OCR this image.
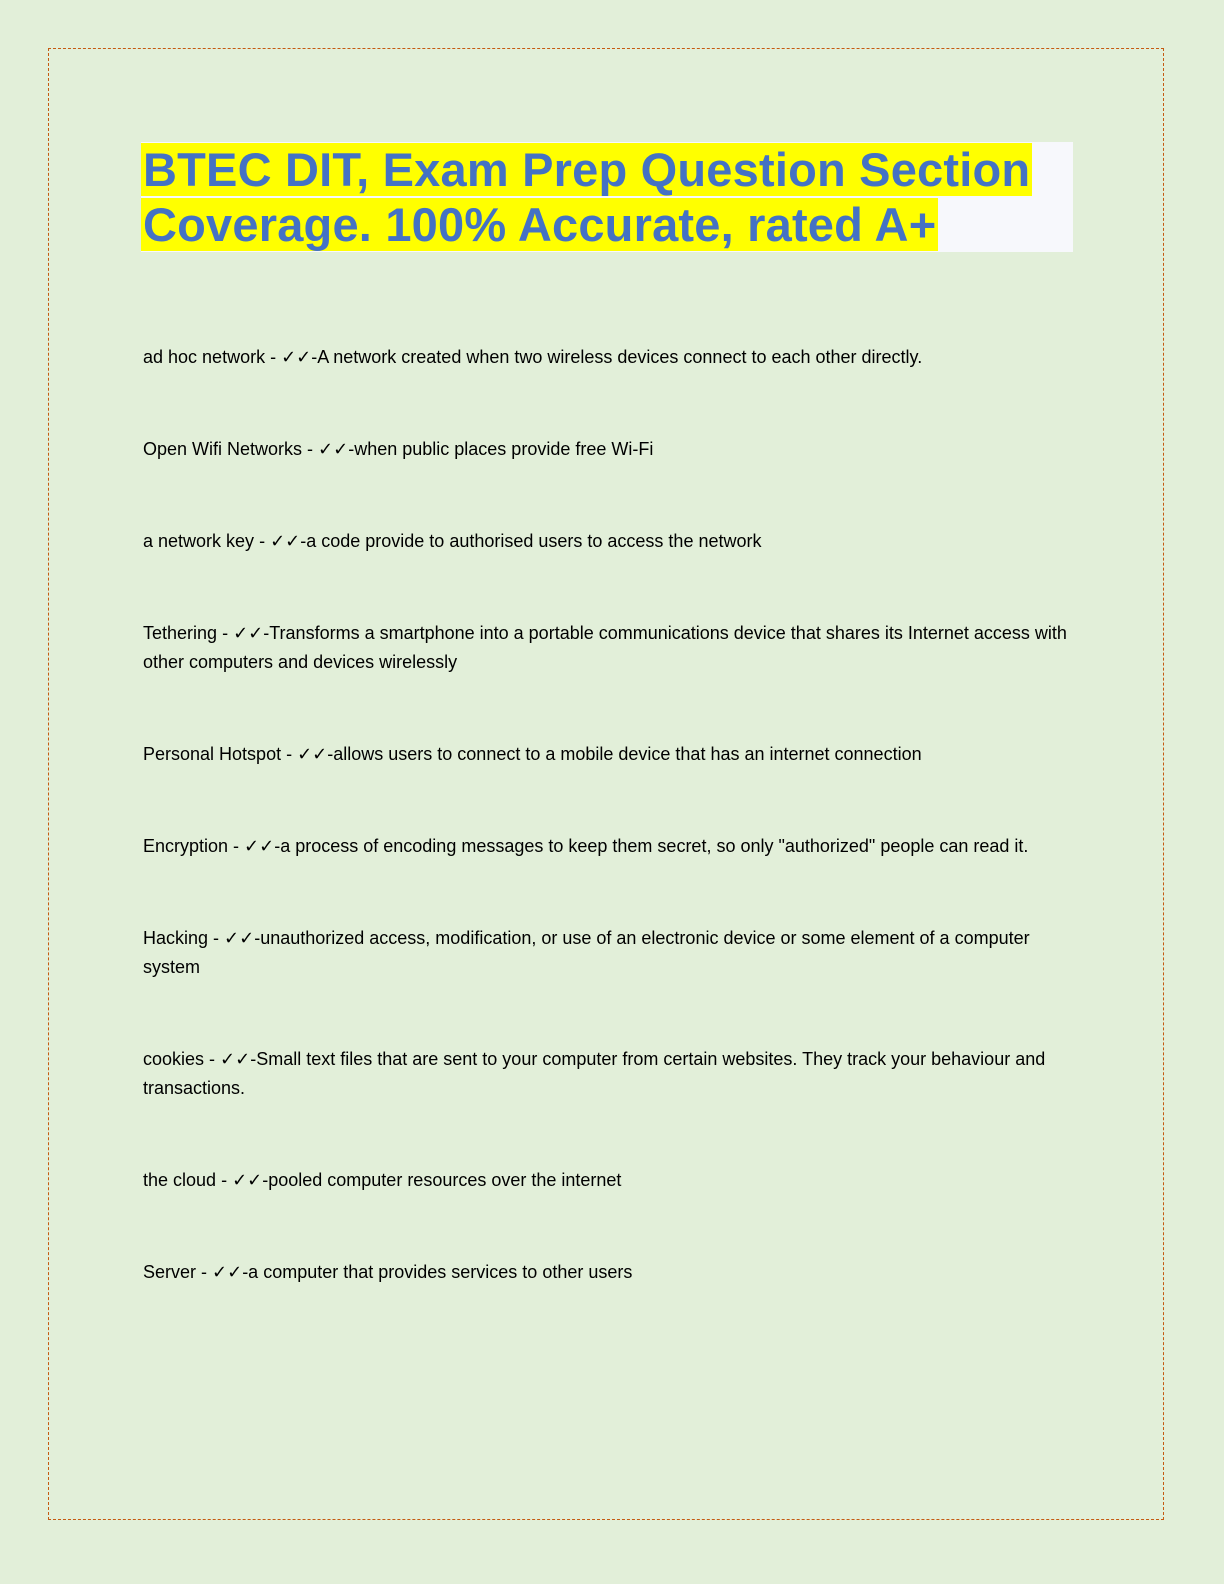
BTEC DIT, Exam Prep Question Section Coverage. 100% Accurate, rated A+

ad hoc network - ✓✓-A network created when two wireless devices connect to each other directly.

Open Wifi Networks - ✓✓-when public places provide free Wi-Fi

a network key - ✓✓-a code provide to authorised users to access the network

Tethering - ✓✓-Transforms a smartphone into a portable communications device that shares its Internet access with other computers and devices wirelessly

Personal Hotspot - ✓✓-allows users to connect to a mobile device that has an internet connection

Encryption - ✓✓-a process of encoding messages to keep them secret, so only "authorized" people can read it.

Hacking - ✓✓-unauthorized access, modification, or use of an electronic device or some element of a computer system

cookies - ✓✓-Small text files that are sent to your computer from certain websites. They track your behaviour and transactions.

the cloud - ✓✓-pooled computer resources over the internet

Server - ✓✓-a computer that provides services to other users
